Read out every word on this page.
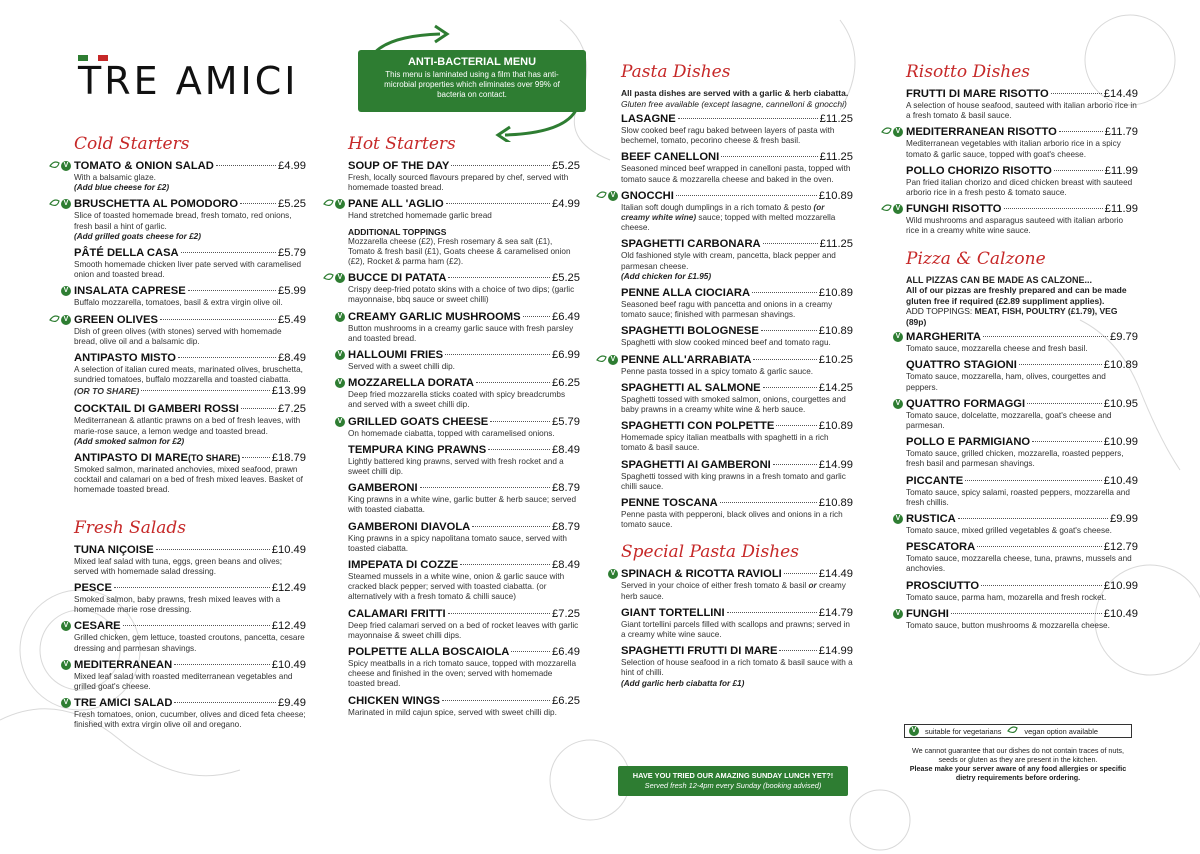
TRE AMICI	ANTI-BACTERIAL MENU
This menu is laminated using a film that has anti-microbial properties which eliminates over 99% of bacteria on contact.
Cold Starters
V TOMATO & ONION SALAD	£4.99
With a balsamic glaze.
(Add blue cheese for £2)
V BRUSCHETTA AL POMODORO	£5.25
Slice of toasted homemade bread, fresh tomato, red onions, fresh basil a hint of garlic.
(Add grilled goats cheese for £2)
PÂTÉ DELLA CASA	£5.79
Smooth homemade chicken liver pate served with caramelised onion and toasted bread.
V INSALATA CAPRESE	£5.99
Buffalo mozzarella, tomatoes, basil & extra virgin olive oil.
V GREEN OLIVES	£5.49
Dish of green olives (with stones) served with homemade bread, olive oil and a balsamic dip.
ANTIPASTO MISTO	£8.49
A selection of italian cured meats, marinated olives, bruschetta, sundried tomatoes, buffalo mozzarella and toasted ciabatta.
(OR TO SHARE)	£13.99
COCKTAIL DI GAMBERI ROSSI	£7.25
Mediterranean & atlantic prawns on a bed of fresh leaves, with marie-rose sauce, a lemon wedge and toasted bread.
(Add smoked salmon for £2)
ANTIPASTO DI MARE (TO SHARE)	£18.79
Smoked salmon, marinated anchovies, mixed seafood, prawn cocktail and calamari on a bed of fresh mixed leaves. Basket of homemade toasted bread.
Fresh Salads
TUNA NIÇOISE	£10.49
Mixed leaf salad with tuna, eggs, green beans and olives; served with homemade salad dressing.
PESCE	£12.49
Smoked salmon, baby prawns, fresh mixed leaves with a homemade marie rose dressing.
V CESARE	£12.49
Grilled chicken, gem lettuce, toasted croutons, pancetta, cesare dressing and parmesan shavings.
V MEDITERRANEAN	£10.49
Mixed leaf salad with roasted mediterranean vegetables and grilled goat's cheese.
V TRE AMICI SALAD	£9.49
Fresh tomatoes, onion, cucumber, olives and diced feta cheese; finished with extra virgin olive oil and oregano.
Hot Starters
SOUP OF THE DAY	£5.25
Fresh, locally sourced flavours prepared by chef, served with homemade toasted bread.
V PANE ALL 'AGLIO	£4.99
Hand stretched homemade garlic bread
ADDITIONAL TOPPINGS
Mozzarella cheese (£2), Fresh rosemary & sea salt (£1), Tomato & fresh basil (£1), Goats cheese & caramelised onion (£2), Rocket & parma ham (£2).
V BUCCE DI PATATA	£5.25
Crispy deep-fried potato skins with a choice of two dips; (garlic mayonnaise, bbq sauce or sweet chilli)
V CREAMY GARLIC MUSHROOMS	£6.49
Button mushrooms in a creamy garlic sauce with fresh parsley and toasted bread.
V HALLOUMI FRIES	£6.99
Served with a sweet chilli dip.
V MOZZARELLA DORATA	£6.25
Deep fried mozzarella sticks coated with spicy breadcrumbs and served with a sweet chilli dip.
V GRILLED GOATS CHEESE	£5.79
On homemade ciabatta, topped with caramelised onions.
TEMPURA KING PRAWNS	£8.49
Lightly battered king prawns, served with fresh rocket and a sweet chilli dip.
GAMBERONI	£8.79
King prawns in a white wine, garlic butter & herb sauce; served with toasted ciabatta.
GAMBERONI DIAVOLA	£8.79
King prawns in a spicy napolitana tomato sauce, served with toasted ciabatta.
IMPEPATA DI COZZE	£8.49
Steamed mussels in a white wine, onion & garlic sauce with cracked black pepper; served with toasted ciabatta. (or alternatively with a fresh tomato & chilli sauce)
CALAMARI FRITTI	£7.25
Deep fried calamari served on a bed of rocket leaves with garlic mayonnaise & sweet chilli dips.
POLPETTE ALLA BOSCAIOLA	£6.49
Spicy meatballs in a rich tomato sauce, topped with mozzarella cheese and finished in the oven; served with homemade toasted bread.
CHICKEN WINGS	£6.25
Marinated in mild cajun spice, served with sweet chilli dip.
Pasta Dishes
All pasta dishes are served with a garlic & herb ciabatta.
Gluten free available (except lasagne, cannelloni & gnocchi)
LASAGNE	£11.25
Slow cooked beef ragu baked between layers of pasta with bechemel, tomato, pecorino cheese & fresh basil.
BEEF CANELLONI	£11.25
Seasoned minced beef wrapped in canelloni pasta, topped with tomato sauce & mozzarella cheese and baked in the oven.
V GNOCCHI	£10.89
Italian soft dough dumplings in a rich tomato & pesto (or creamy white wine) sauce; topped with melted mozzarella cheese.
SPAGHETTI CARBONARA	£11.25
Old fashioned style with cream, pancetta, black pepper and parmesan cheese.
(Add chicken for £1.95)
PENNE ALLA CIOCIARA	£10.89
Seasoned beef ragu with pancetta and onions in a creamy tomato sauce; finished with parmesan shavings.
SPAGHETTI BOLOGNESE	£10.89
Spaghetti with slow cooked minced beef and tomato ragu.
V PENNE ALL'ARRABIATA	£10.25
Penne pasta tossed in a spicy tomato & garlic sauce.
SPAGHETTI AL SALMONE	£14.25
Spaghetti tossed with smoked salmon, onions, courgettes and baby prawns in a creamy white wine & herb sauce.
SPAGHETTI CON POLPETTE	£10.89
Homemade spicy italian meatballs with spaghetti in a rich tomato & basil sauce.
SPAGHETTI AI GAMBERONI	£14.99
Spaghetti tossed with king prawns in a fresh tomato and garlic chilli sauce.
PENNE TOSCANA	£10.89
Penne pasta with pepperoni, black olives and onions in a rich tomato sauce.
Special Pasta Dishes
V SPINACH & RICOTTA RAVIOLI	£14.49
Served in your choice of either fresh tomato & basil or creamy herb sauce.
GIANT TORTELLINI	£14.79
Giant tortellini parcels filled with scallops and prawns; served in a creamy white wine sauce.
SPAGHETTI FRUTTI DI MARE	£14.99
Selection of house seafood in a rich tomato & basil sauce with a hint of chilli.
(Add garlic herb ciabatta for £1)
HAVE YOU TRIED OUR AMAZING SUNDAY LUNCH YET?!
Served fresh 12-4pm every Sunday (booking advised)
Risotto Dishes
FRUTTI DI MARE RISOTTO	£14.49
A selection of house seafood, sauteed with italian arborio rice in a fresh tomato & basil sauce.
V MEDITERRANEAN RISOTTO	£11.79
Mediterranean vegetables with italian arborio rice in a spicy tomato & garlic sauce, topped with goat's cheese.
POLLO CHORIZO RISOTTO	£11.99
Pan fried italian chorizo and diced chicken breast with sauteed arborio rice in a fresh pesto & tomato sauce.
V FUNGHI RISOTTO	£11.99
Wild mushrooms and asparagus sauteed with italian arborio rice in a creamy white wine sauce.
Pizza & Calzone
ALL PIZZAS CAN BE MADE AS CALZONE...
All of our pizzas are freshly prepared and can be made gluten free if required (£2.89 suppliment applies).
ADD TOPPINGS: MEAT, FISH, POULTRY (£1.79), VEG (89p)
V MARGHERITA	£9.79
Tomato sauce, mozzarella cheese and fresh basil.
QUATTRO STAGIONI	£10.89
Tomato sauce, mozzarella, ham, olives, courgettes and peppers.
V QUATTRO FORMAGGI	£10.95
Tomato sauce, dolcelatte, mozzarella, goat's cheese and parmesan.
POLLO E PARMIGIANO	£10.99
Tomato sauce, grilled chicken, mozzarella, roasted peppers, fresh basil and parmesan shavings.
PICCANTE	£10.49
Tomato sauce, spicy salami, roasted peppers, mozzarella and fresh chillis.
V RUSTICA	£9.99
Tomato sauce, mixed grilled vegetables & goat's cheese.
PESCATORA	£12.79
Tomato sauce, mozzarella cheese, tuna, prawns, mussels and anchovies.
PROSCIUTTO	£10.99
Tomato sauce, parma ham, mozarella and fresh rocket.
V FUNGHI	£10.49
Tomato sauce, button mushrooms & mozzarella cheese.
V	suitable for vegetarians	vegan option available
We cannot guarantee that our dishes do not contain traces of nuts, seeds or gluten as they are present in the kitchen.
Please make your server aware of any food allergies or specific dietry requirements before ordering.
